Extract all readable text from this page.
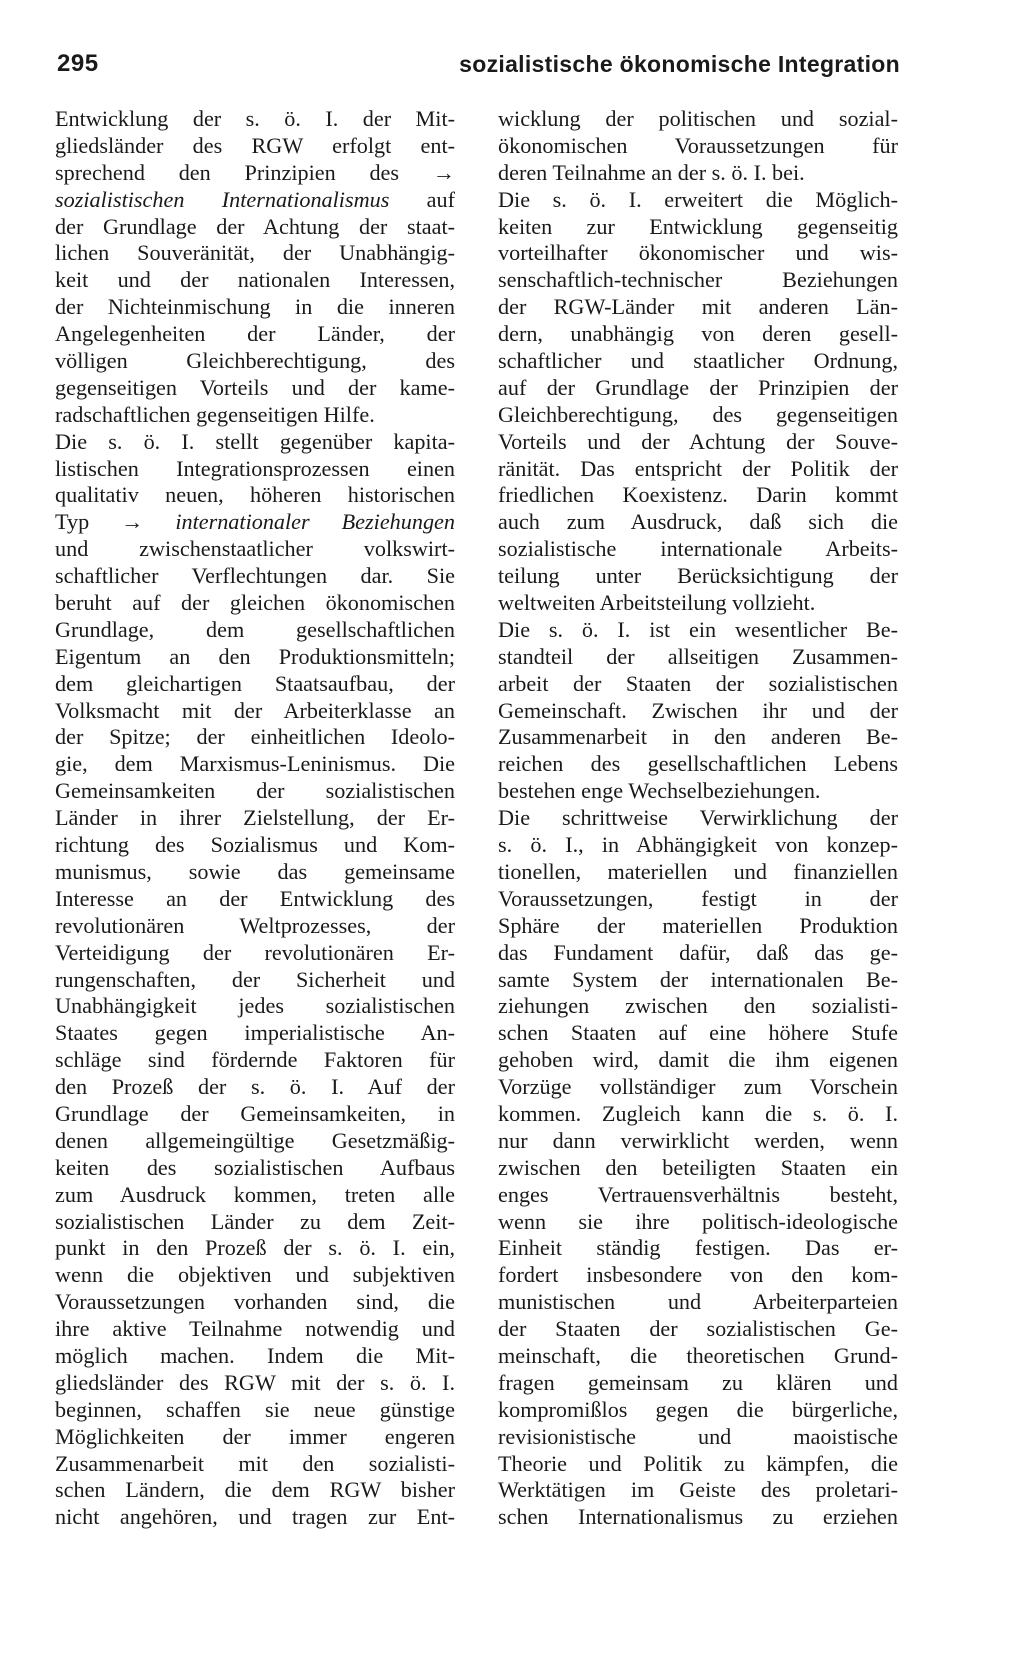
295	sozialistische ökonomische Integration
Entwicklung der s. ö. I. der Mit-
gliedsländer des RGW erfolgt ent-
sprechend den Prinzipien des →
sozialistischen Internationalismus auf
der Grundlage der Achtung der staat-
lichen Souveränität, der Unabhängig-
keit und der nationalen Interessen,
der Nichteinmischung in die inneren
Angelegenheiten der Länder, der
völligen Gleichberechtigung, des
gegenseitigen Vorteils und der kame-
radschaftlichen gegenseitigen Hilfe.
Die s. ö. I. stellt gegenüber kapita-
listischen Integrationsprozessen einen
qualitativ neuen, höheren historischen
Typ → internationaler Beziehungen
und zwischenstaatlicher volkswirt-
schaftlicher Verflechtungen dar. Sie
beruht auf der gleichen ökonomischen
Grundlage, dem gesellschaftlichen
Eigentum an den Produktionsmitteln;
dem gleichartigen Staatsaufbau, der
Volksmacht mit der Arbeiterklasse an
der Spitze; der einheitlichen Ideolo-
gie, dem Marxismus-Leninismus. Die
Gemeinsamkeiten der sozialistischen
Länder in ihrer Zielstellung, der Er-
richtung des Sozialismus und Kom-
munismus, sowie das gemeinsame
Interesse an der Entwicklung des
revolutionären Weltprozesses, der
Verteidigung der revolutionären Er-
rungenschaften, der Sicherheit und
Unabhängigkeit jedes sozialistischen
Staates gegen imperialistische An-
schläge sind fördernde Faktoren für
den Prozeß der s. ö. I. Auf der
Grundlage der Gemeinsamkeiten, in
denen allgemeingültige Gesetzmäßig-
keiten des sozialistischen Aufbaus
zum Ausdruck kommen, treten alle
sozialistischen Länder zu dem Zeit-
punkt in den Prozeß der s. ö. I. ein,
wenn die objektiven und subjektiven
Voraussetzungen vorhanden sind, die
ihre aktive Teilnahme notwendig und
möglich machen. Indem die Mit-
gliedsländer des RGW mit der s. ö. I.
beginnen, schaffen sie neue günstige
Möglichkeiten der immer engeren
Zusammenarbeit mit den sozialisti-
schen Ländern, die dem RGW bisher
nicht angehören, und tragen zur Ent-
wicklung der politischen und sozial-
ökonomischen Voraussetzungen für
deren Teilnahme an der s. ö. I. bei.
Die s. ö. I. erweitert die Möglich-
keiten zur Entwicklung gegenseitig
vorteilhafter ökonomischer und wis-
senschaftlich-technischer Beziehungen
der RGW-Länder mit anderen Län-
dern, unabhängig von deren gesell-
schaftlicher und staatlicher Ordnung,
auf der Grundlage der Prinzipien der
Gleichberechtigung, des gegenseitigen
Vorteils und der Achtung der Souve-
ränität. Das entspricht der Politik der
friedlichen Koexistenz. Darin kommt
auch zum Ausdruck, daß sich die
sozialistische internationale Arbeits-
teilung unter Berücksichtigung der
weltweiten Arbeitsteilung vollzieht.
Die s. ö. I. ist ein wesentlicher Be-
standteil der allseitigen Zusammen-
arbeit der Staaten der sozialistischen
Gemeinschaft. Zwischen ihr und der
Zusammenarbeit in den anderen Be-
reichen des gesellschaftlichen Lebens
bestehen enge Wechselbeziehungen.
Die schrittweise Verwirklichung der
s. ö. I., in Abhängigkeit von konzep-
tionellen, materiellen und finanziellen
Voraussetzungen, festigt in der
Sphäre der materiellen Produktion
das Fundament dafür, daß das ge-
samte System der internationalen Be-
ziehungen zwischen den sozialisti-
schen Staaten auf eine höhere Stufe
gehoben wird, damit die ihm eigenen
Vorzüge vollständiger zum Vorschein
kommen. Zugleich kann die s. ö. I.
nur dann verwirklicht werden, wenn
zwischen den beteiligten Staaten ein
enges Vertrauensverhältnis besteht,
wenn sie ihre politisch-ideologische
Einheit ständig festigen. Das er-
fordert insbesondere von den kom-
munistischen und Arbeiterparteien
der Staaten der sozialistischen Ge-
meinschaft, die theoretischen Grund-
fragen gemeinsam zu klären und
kompromißlos gegen die bürgerliche,
revisionistische und maoistische
Theorie und Politik zu kämpfen, die
Werktätigen im Geiste des proletari-
schen Internationalismus zu erziehen
